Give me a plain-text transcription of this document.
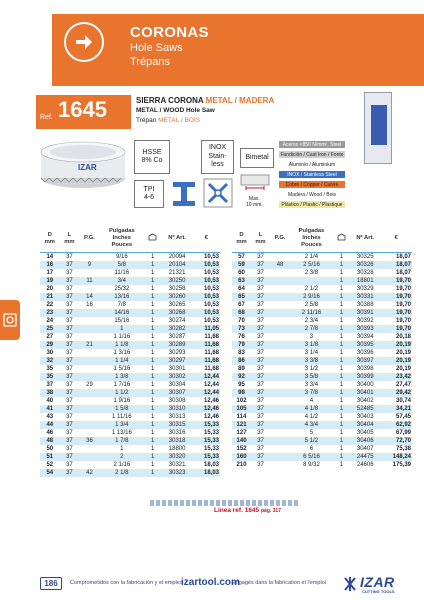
CORONAS
Hole Saws
Trépans
Ref. 1645	SIERRA CORONA METAL / MADERA
METAL / WOOD Hole Saw
Trépan METAL / BOIS
IZAR
HSSE
8% Co
INOX
Stain-
less
Bimetal
TPI
4-6	Max.
10 mm.
Aceros <850 N/mm², Steel
Fundición / Cast Iron / Fonte
Aluminio / Aluminium
INOX / Stainless Steel
Cobre / Copper / Cuivre
Madera / Wood / Bois
Plástico / Plastic / Plastique
D
mm	L
mm	P.G.	Pulgadas
Inches
Pouces		Nº Art.	€
14	37		9/16	1	20094	10,53
16	37	9	5/8	1	20104	10,53
17	37		11/16	1	21321	10,53
19	37	11	3/4	1	30250	10,53
20	37		25/32	1	30258	10,53
21	37	14	13/16	1	30260	10,53
22	37	16	7/8	1	30265	10,53
23	37		14/16	1	30268	10,53
24	37		15/16	1	30274	10,53
25	37		1	1	30282	11,05
27	37		1 1/16	1	30287	11,68
29	37	21	1 1/8	1	30289	11,68
30	37		1 3/16	1	30293	11,68
32	37		1 1/4	1	30297	11,68
35	37		1 5/16	1	30301	11,68
35	37		1 3/8	1	30302	12,44
37	37	29	1 7/16	1	30304	12,44
38	37		1 1/2	1	30307	12,44
40	37		1 9/16	1	30308	12,46
41	37		1 5/8	1	30310	12,46
43	37		1 11/16	1	30313	12,46
44	37		1 3/4	1	30315	15,33
46	37		1 13/16	1	30316	15,33
48	37	36	1 7/8	1	30318	15,33
50	37		1	1	18800	15,33
51	37		2	1	30320	15,33
52	37		2 1/16	1	30321	18,03
54	37	42	2 1/8	1	30323	18,03
D
mm	L
mm	P.G.	Pulgadas
Inches
Pouces		Nº Art.	€
57	37		2 1/4	1	30325	18,07
59	37	48	2 5/16	1	30326	18,07
60	37		2 3/8	1	30328	18,07
63	37			1	18801	19,70
64	37		2 1/2	1	30329	19,70
65	37		2 9/16	1	30331	19,70
67	37		2 5/8	1	30388	19,70
68	37		2 11/16	1	30391	19,70
70	37		2 3/4	1	30392	19,70
73	37		2 7/8	1	30393	19,70
76	37		3	1	30394	20,18
79	37		3 1/8	1	30395	20,19
83	37		3 1/4	1	30396	20,19
86	37		3 3/8	1	30397	20,19
89	37		3 1/2	1	30398	20,19
92	37		3 5/8	1	30399	23,42
95	37		3 3/4	1	30400	27,47
98	37		3 7/8	1	30401	29,42
102	37		4	1	30402	30,74
105	37		4 1/8	1	52485	34,21
114	37		4 1/2	1	30403	57,45
121	37		4 3/4	1	30404	62,92
127	37		5	1	30405	67,99
140	37		5 1/2	1	30406	72,70
152	37		6	1	30407	75,38
160	37		6 5/16	1	24475	148,24
210	37		8 9/32	1	24606	175,39
Línea ref. 1645 pág. 317
186	Comprometidos con la fabricación y el empleo
izartool.com
Engagés dans la fabrication et l'emploi IZAR
CUTTING TOOLS
